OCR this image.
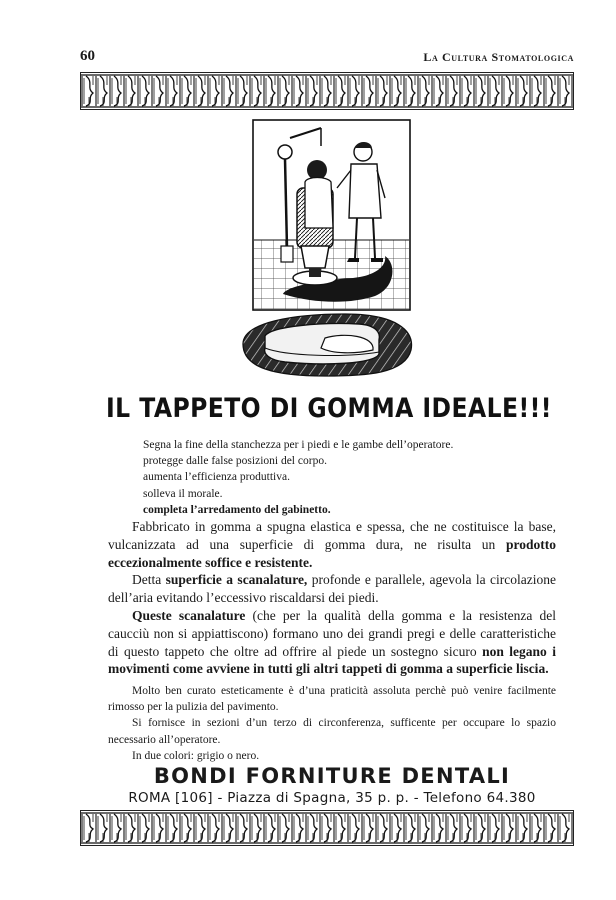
60	La Cultura Stomatologica
IL TAPPETO DI GOMMA IDEALE!!!
Segna la fine della stanchezza per i piedi e le gambe dell’operatore.
protegge dalle false posizioni del corpo.
aumenta l’efficienza produttiva.
solleva il morale.
completa l’arredamento del gabinetto.

Fabbricato in gomma a spugna elastica e spessa, che ne costituisce la base, vulcanizzata ad una superficie di gomma dura, ne risulta un prodotto eccezionalmente soffice e resistente.

Detta superficie a scanalature, profonde e parallele, agevola la circolazione dell’aria evitando l’eccessivo riscaldarsi dei piedi.

Queste scanalature (che per la qualità della gomma e la resistenza del caucciù non si appiattiscono) formano uno dei grandi pregi e delle caratteristiche di questo tappeto che oltre ad offrire al piede un sostegno sicuro non legano i movimenti come avviene in tutti gli altri tappeti di gomma a superficie liscia.

Molto ben curato esteticamente è d’una praticità assoluta perchè può venire facilmente rimosso per la pulizia del pavimento.

Si fornisce in sezioni d’un terzo di circonferenza, sufficente per occupare lo spazio necessario all’operatore.

In due colori: grigio o nero.

BONDI FORNITURE DENTALI
ROMA [106] - Piazza di Spagna, 35 p. p. - Telefono 64.380
